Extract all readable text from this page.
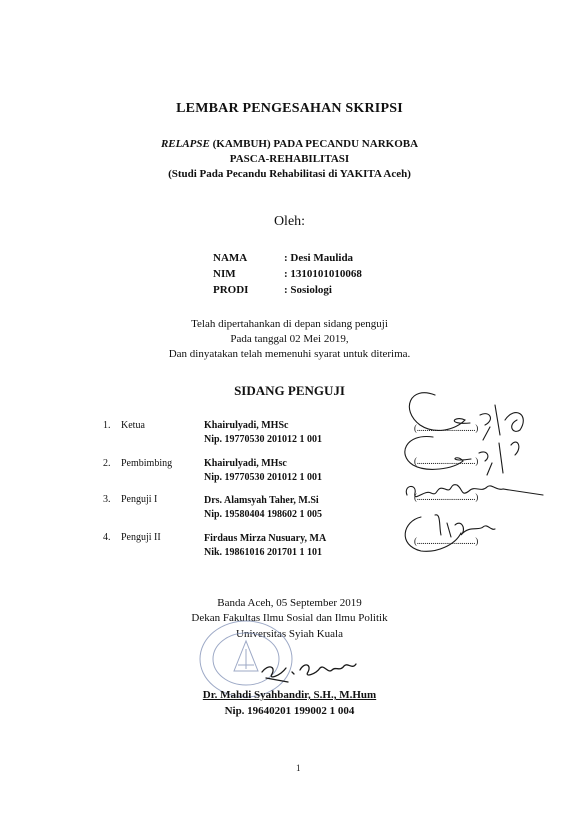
LEMBAR PENGESAHAN SKRIPSI
RELAPSE (KAMBUH) PADA PECANDU NARKOBA
PASCA-REHABILITASI
(Studi Pada Pecandu Rehabilitasi di YAKITA Aceh)
Oleh:
NAMA	: Desi Maulida
NIM	: 1310101010068
PRODI	: Sosiologi
Telah dipertahankan di depan sidang penguji
Pada tanggal 02 Mei 2019,
Dan dinyatakan telah memenuhi syarat untuk diterima.
SIDANG PENGUJI
1. Ketua	Khairulyadi, MHSc
Nip. 19770530 201012 1 001
(..............................)
2. Pembimbing	Khairulyadi, MHsc
Nip. 19770530 201012 1 001
(..............................)
3. Penguji I	Drs. Alamsyah Taher, M.Si
Nip. 19580404 198602 1 005
(..............................)
4. Penguji II	Firdaus Mirza Nusuary, MA
Nik. 19861016 201701 1 101
(..............................)
Banda Aceh, 05 September 2019
Dekan Fakultas Ilmu Sosial dan Ilmu Politik
Universitas Syiah Kuala
Dr. Mahdi Syahbandir, S.H., M.Hum
Nip. 19640201 199002 1 004
1
